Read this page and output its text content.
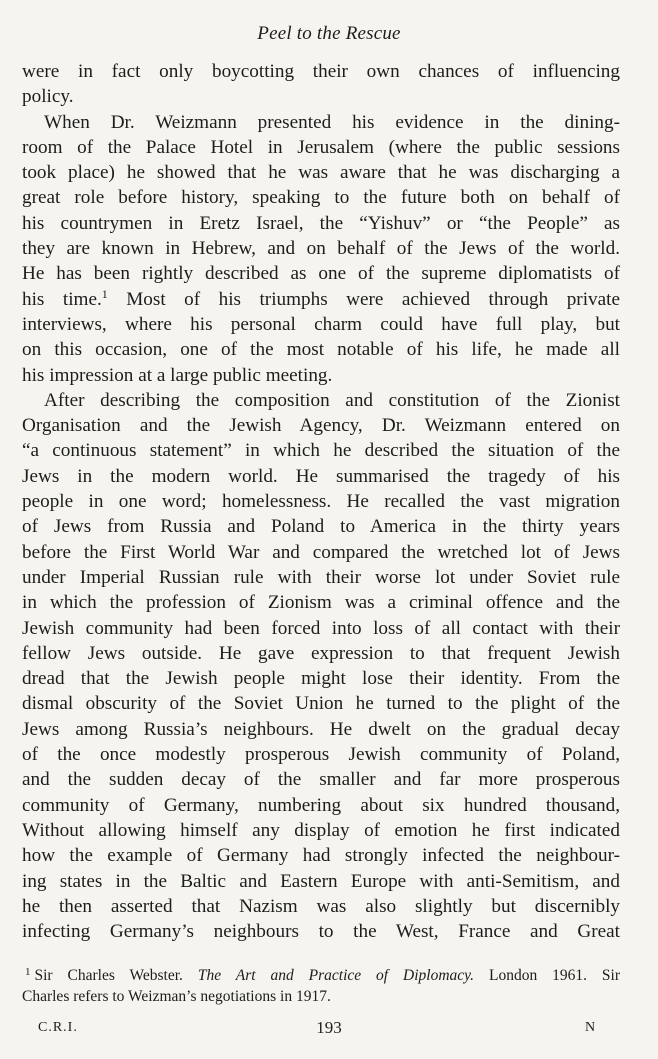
Peel to the Rescue
were in fact only boycotting their own chances of influencing
policy.
When Dr. Weizmann presented his evidence in the dining-
room of the Palace Hotel in Jerusalem (where the public sessions
took place) he showed that he was aware that he was discharging a
great role before history, speaking to the future both on behalf of
his countrymen in Eretz Israel, the “Yishuv” or “the People” as
they are known in Hebrew, and on behalf of the Jews of the world.
He has been rightly described as one of the supreme diplomatists of
his time.$^1$ Most of his triumphs were achieved through private
interviews, where his personal charm could have full play, but
on this occasion, one of the most notable of his life, he made all
his impression at a large public meeting.
After describing the composition and constitution of the Zionist
Organisation and the Jewish Agency, Dr. Weizmann entered on
“a continuous statement” in which he described the situation of the
Jews in the modern world. He summarised the tragedy of his
people in one word; homelessness. He recalled the vast migration
of Jews from Russia and Poland to America in the thirty years
before the First World War and compared the wretched lot of Jews
under Imperial Russian rule with their worse lot under Soviet rule
in which the profession of Zionism was a criminal offence and the
Jewish community had been forced into loss of all contact with their
fellow Jews outside. He gave expression to that frequent Jewish
dread that the Jewish people might lose their identity. From the
dismal obscurity of the Soviet Union he turned to the plight of the
Jews among Russia’s neighbours. He dwelt on the gradual decay
of the once modestly prosperous Jewish community of Poland,
and the sudden decay of the smaller and far more prosperous
community of Germany, numbering about six hundred thousand,
Without allowing himself any display of emotion he first indicated
how the example of Germany had strongly infected the neighbour-
ing states in the Baltic and Eastern Europe with anti-Semitism, and
he then asserted that Nazism was also slightly but discernibly
infecting Germany’s neighbours to the West, France and Great
$^1$ Sir Charles Webster. The Art and Practice of Diplomacy. London 1961. Sir
Charles refers to Weizman’s negotiations in 1917.
C.R.I.	193	N
